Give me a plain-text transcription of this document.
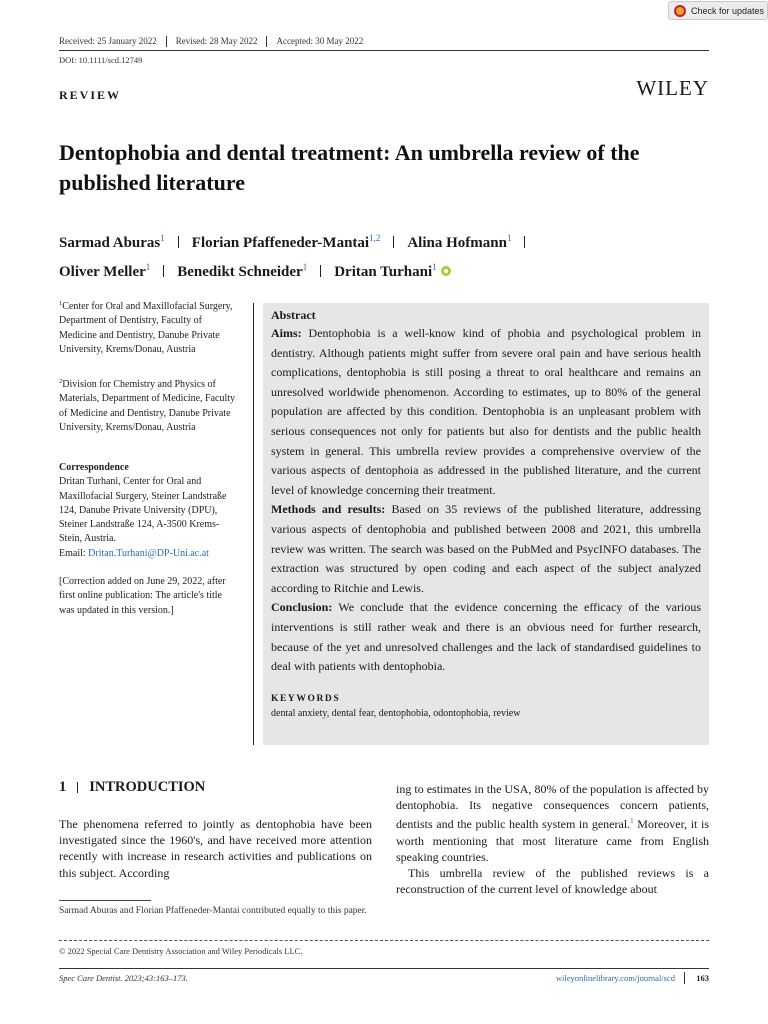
Check for updates
Received: 25 January 2022	Revised: 28 May 2022	Accepted: 30 May 2022
DOI: 10.1111/scd.12749
REVIEW	WILEY
Dentophobia and dental treatment: An umbrella review of the published literature
Sarmad Aburas$^1$ Florian Pfaffeneder-Mantai$^{1,2}$ Alina Hofmann$^1$
Oliver Meller$^1$ Benedikt Schneider$^1$ Dritan Turhani$^1$
$^1$Center for Oral and Maxillofacial Surgery, Department of Dentistry, Faculty of Medicine and Dentistry, Danube Private University, Krems/Donau, Austria
$^2$Division for Chemistry and Physics of Materials, Department of Medicine, Faculty of Medicine and Dentistry, Danube Private University, Krems/Donau, Austria
Correspondence
Dritan Turhani, Center for Oral and Maxillofacial Surgery, Steiner Landstraße 124, Danube Private University (DPU), Steiner Landstraße 124, A-3500 Krems-Stein, Austria.
Email: Dritan.Turhani@DP-Uni.ac.at
[Correction added on June 29, 2022, after first online publication: The article's title was updated in this version.]
Abstract

Aims: Dentophobia is a well-know kind of phobia and psychological problem in dentistry. Although patients might suffer from severe oral pain and have serious health complications, dentophobia is still posing a threat to oral healthcare and remains an unresolved worldwide phenomenon. According to estimates, up to 80% of the general population are affected by this condition. Dentophobia is an unpleasant problem with serious consequences not only for patients but also for dentists and the public health system in general. This umbrella review provides a comprehensive overview of the various aspects of dentophoia as addressed in the published literature, and the current level of knowledge concerning their treatment.

Methods and results: Based on 35 reviews of the published literature, addressing various aspects of dentophobia and published between 2008 and 2021, this umbrella review was written. The search was based on the PubMed and PsycINFO databases. The extraction was structured by open coding and each aspect of the subject analyzed according to Ritchie and Lewis.

Conclusion: We conclude that the evidence concerning the efficacy of the various interventions is still rather weak and there is an obvious need for further research, because of the yet and unresolved challenges and the lack of standardised guidelines to deal with patients with dentophobia.

KEYWORDS
dental anxiety, dental fear, dentophobia, odontophobia, review
1 INTRODUCTION
The phenomena referred to jointly as dentophobia have been investigated since the 1960's, and have received more attention recently with increase in research activities and publications on this subject. According

ing to estimates in the USA, 80% of the population is affected by dentophobia. Its negative consequences concern patients, dentists and the public health system in general.$^1$ Moreover, it is worth mentioning that most literature came from English speaking countries.

This umbrella review of the published reviews is a reconstruction of the current level of knowledge about

Sarmad Aburas and Florian Pfaffeneder-Mantai contributed equally to this paper.
© 2022 Special Care Dentistry Association and Wiley Periodicals LLC.
Spec Care Dentist. 2023;43:163–173.	wileyonlinelibrary.com/journal/scd	163
